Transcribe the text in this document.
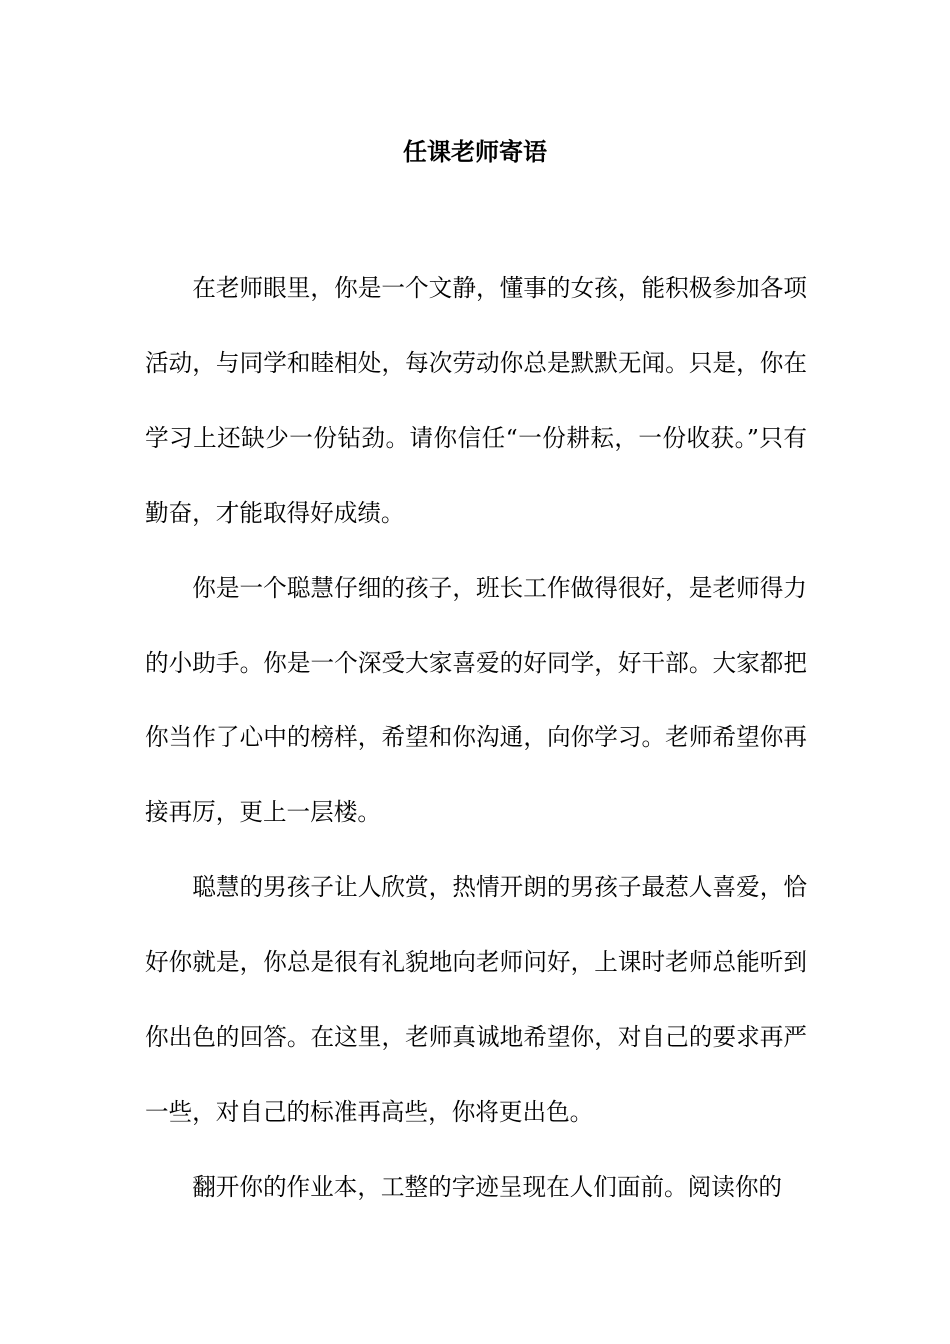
任课老师寄语

在老师眼里，你是一个文静，懂事的女孩，能积极参加各项活动，与同学和睦相处，每次劳动你总是默默无闻。只是，你在学习上还缺少一份钻劲。请你信任“一份耕耘，一份收获。”只有勤奋，才能取得好成绩。

你是一个聪慧仔细的孩子，班长工作做得很好，是老师得力的小助手。你是一个深受大家喜爱的好同学，好干部。大家都把你当作了心中的榜样，希望和你沟通，向你学习。老师希望你再接再厉，更上一层楼。

聪慧的男孩子让人欣赏，热情开朗的男孩子最惹人喜爱，恰好你就是，你总是很有礼貌地向老师问好，上课时老师总能听到你出色的回答。在这里，老师真诚地希望你，对自己的要求再严一些，对自己的标准再高些，你将更出色。

翻开你的作业本，工整的字迹呈现在人们面前。阅读你的
